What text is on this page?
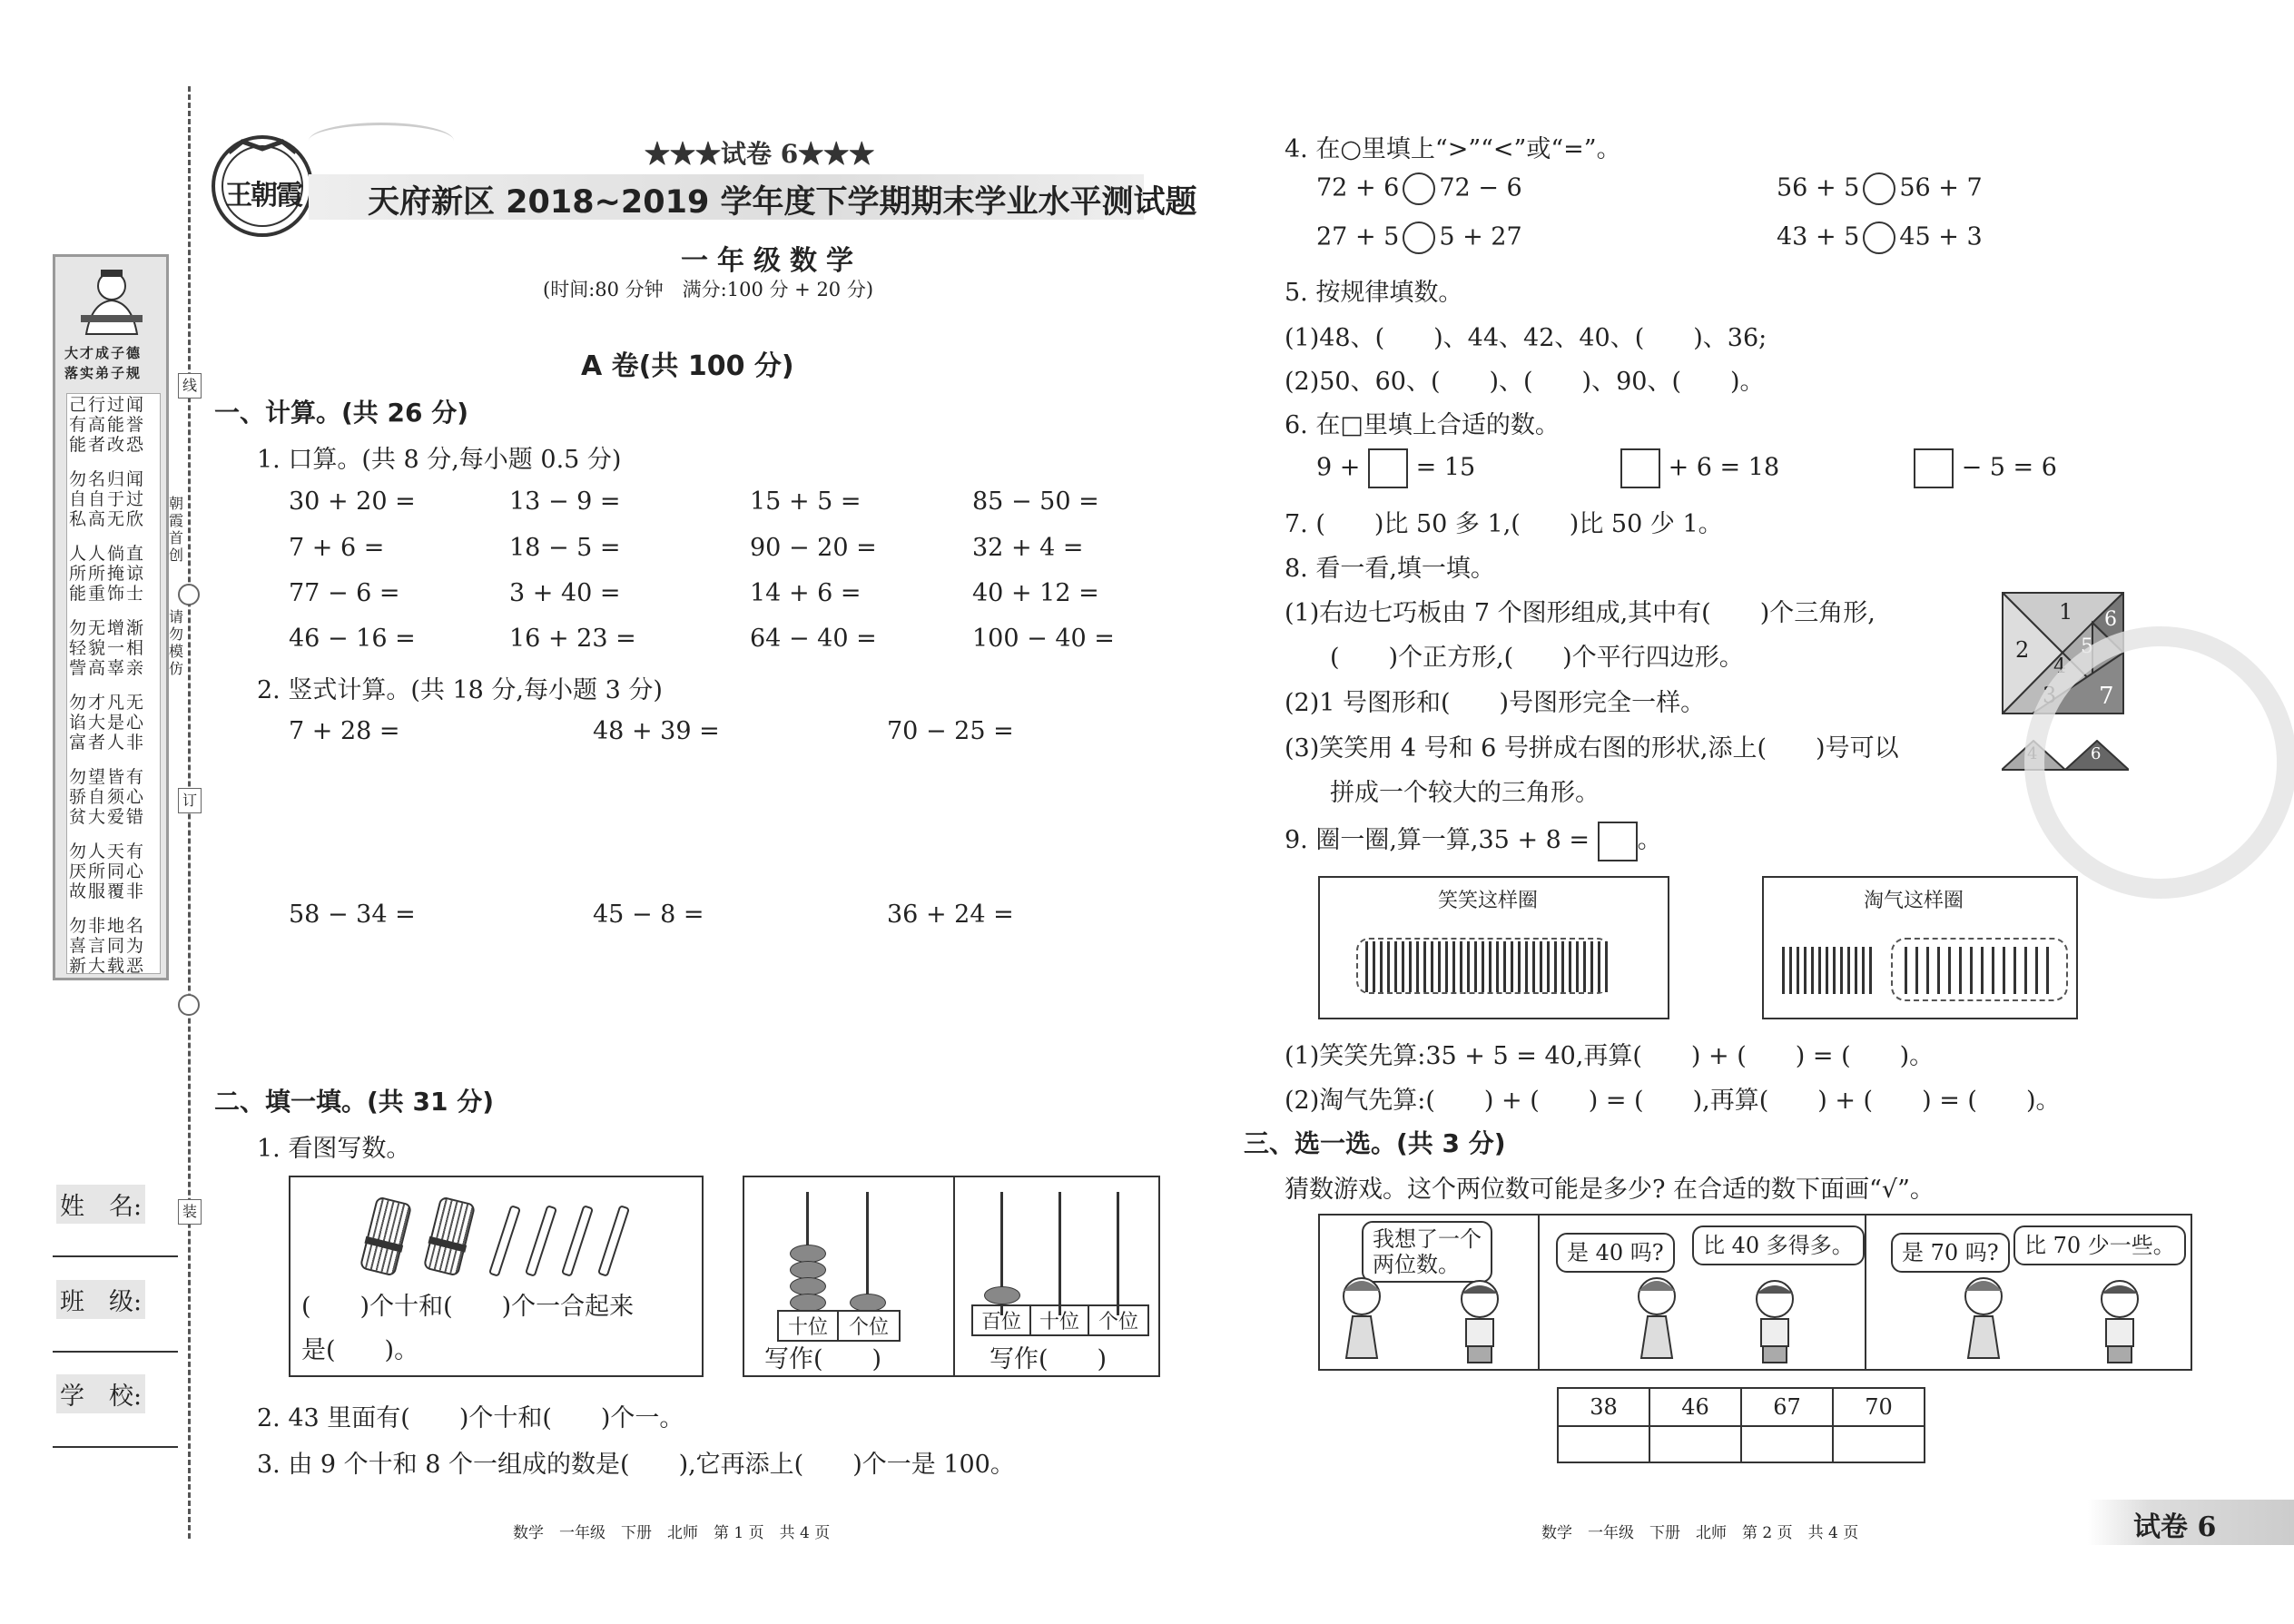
线
订
装
朝霞首创
请勿模仿
大才成子德
落实弟子规
己行过闻
有高能誉
能者改恐
勿名归闻
自自于过
私高无欣
人人倘直
所所掩谅
能重饰士
勿无增渐
轻貌一相
訾高辜亲
勿才凡无
谄大是心
富者人非
勿望皆有
骄自须心
贫大爱错
勿人天有
厌所同心
故服覆非
勿非地名
喜言同为
新大载恶
姓　名:
班　级:
学　校:
王朝霞
★★★试卷 6★★★
天府新区 2018~2019 学年度下学期期末学业水平测试题
一年级数学
(时间:80 分钟　满分:100 分 + 20 分)
A 卷(共 100 分)
一、计算。(共 26 分)
1. 口算。(共 8 分,每小题 0.5 分)
30 + 20 =	13 − 9 =	15 + 5 =	85 − 50 =
7 + 6 =	18 − 5 =	90 − 20 =	32 + 4 =
77 − 6 =	3 + 40 =	14 + 6 =	40 + 12 =
46 − 16 =	16 + 23 =	64 − 40 =	100 − 40 =
2. 竖式计算。(共 18 分,每小题 3 分)
7 + 28 =	48 + 39 =	70 − 25 =
58 − 34 =	45 − 8 =	36 + 24 =
二、填一填。(共 31 分)
1. 看图写数。
(　　)个十和(　　)个一合起来
是(　　)。
十位	个位
写作(　　)
百位 十位 个位
写作(　　)
2. 43 里面有(　　)个十和(　　)个一。
3. 由 9 个十和 8 个一组成的数是(　　),它再添上(　　)个一是 100。
4. 在○里填上“>”“<”或“=”。
72 + 6 72 − 6	56 + 5 56 + 7
27 + 5 5 + 27	43 + 5 45 + 3
5. 按规律填数。
(1)48、(　　)、44、42、40、(　　)、36;
(2)50、60、(　　)、(　　)、90、(　　)。
6. 在□里填上合适的数。
9 + = 15	+ 6 = 18	− 5 = 6
7. (　　)比 50 多 1,(　　)比 50 少 1。
8. 看一看,填一填。
(1)右边七巧板由 7 个图形组成,其中有(　　)个三角形,
(　　)个正方形,(　　)个平行四边形。
(2)1 号图形和(　　)号图形完全一样。
(3)笑笑用 4 号和 6 号拼成右图的形状,添上(　　)号可以
拼成一个较大的三角形。
1
2
3
4
5
6
7
4	6
9. 圈一圈,算一算,35 + 8 = 。
笑笑这样圈	淘气这样圈
(1)笑笑先算:35 + 5 = 40,再算(　　) + (　　) = (　　)。
(2)淘气先算:(　　) + (　　) = (　　),再算(　　) + (　　) = (　　)。
三、选一选。(共 3 分)
猜数游戏。这个两位数可能是多少? 在合适的数下面画“√”。
我想了一个
两位数。	是 40 吗?	比 40 多得多。	是 70 吗?	比 70 少一些。
38	46	67	70

数学　一年级　下册　北师　第 1 页　共 4 页	数学　一年级　下册　北师　第 2 页　共 4 页	试卷 6
